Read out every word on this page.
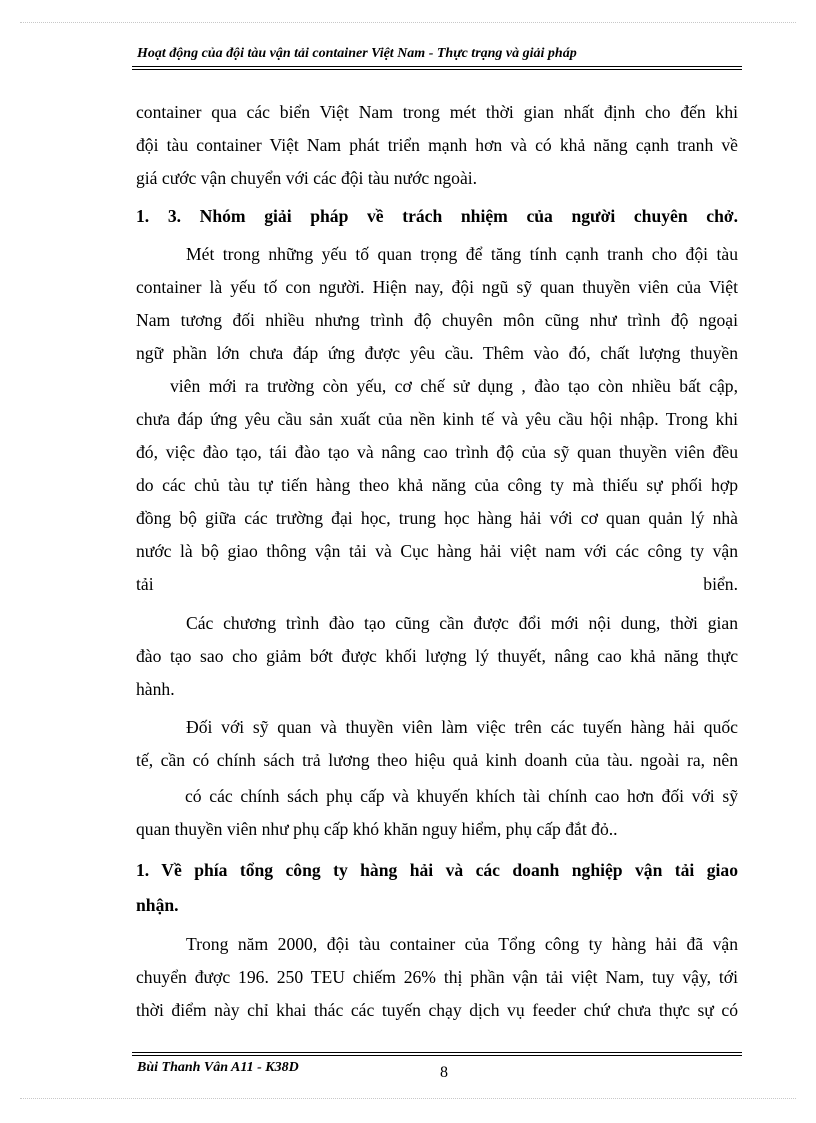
Hoạt động của đội tàu vận tải container Việt Nam - Thực trạng và giải pháp
container qua các biển Việt Nam trong mét thời gian nhất định cho đến khi
đội tàu container Việt Nam phát triển mạnh hơn và có khả năng cạnh tranh về
giá cước vận chuyển với các đội tàu nước ngoài.
1. 3. Nhóm giải pháp về trách nhiệm của người chuyên chở.
Mét trong những yếu tố quan trọng để tăng tính cạnh tranh cho đội tàu
container là yếu tố con người. Hiện nay, đội ngũ sỹ quan thuyền viên của Việt
Nam tương đối nhiều nhưng trình độ chuyên môn cũng như trình độ ngoại
ngữ phần lớn chưa đáp ứng được yêu cầu. Thêm vào đó, chất lượng thuyền
viên mới ra trường còn yếu, cơ chế sử dụng , đào tạo còn nhiều bất cập,
chưa đáp ứng yêu cầu sản xuất của nền kinh tế và yêu cầu hội nhập. Trong khi
đó, việc đào tạo, tái đào tạo và nâng cao trình độ của sỹ quan thuyền viên đều
do các chủ tàu tự tiến hàng theo khả năng của công ty mà thiếu sự phối hợp
đồng bộ giữa các trường đại học, trung học hàng hải với cơ quan quản lý nhà
nước là bộ giao thông vận tải và Cục hàng hải việt nam với các công ty vận
tải biển.
Các chương trình đào tạo cũng cần được đổi mới nội dung, thời gian
đào tạo sao cho giảm bớt được khối lượng lý thuyết, nâng cao khả năng thực
hành.
Đối với sỹ quan và thuyền viên làm việc trên các tuyến hàng hải quốc
tế, cần có chính sách trả lương theo hiệu quả kinh doanh của tàu. ngoài ra, nên
có các chính sách phụ cấp và khuyến khích tài chính cao hơn đối với sỹ
quan thuyền viên như phụ cấp khó khăn nguy hiểm, phụ cấp đắt đỏ..
1. Về phía tổng công ty hàng hải và các doanh nghiệp vận tải giao
nhận.
Trong năm 2000, đội tàu container của Tổng công ty hàng hải đã vận
chuyển được 196. 250 TEU chiếm 26% thị phần vận tải việt Nam, tuy vậy, tới
thời điểm này chỉ khai thác các tuyến chạy dịch vụ feeder chứ chưa thực sự có
Bùi Thanh Vân A11 - K38D	8
